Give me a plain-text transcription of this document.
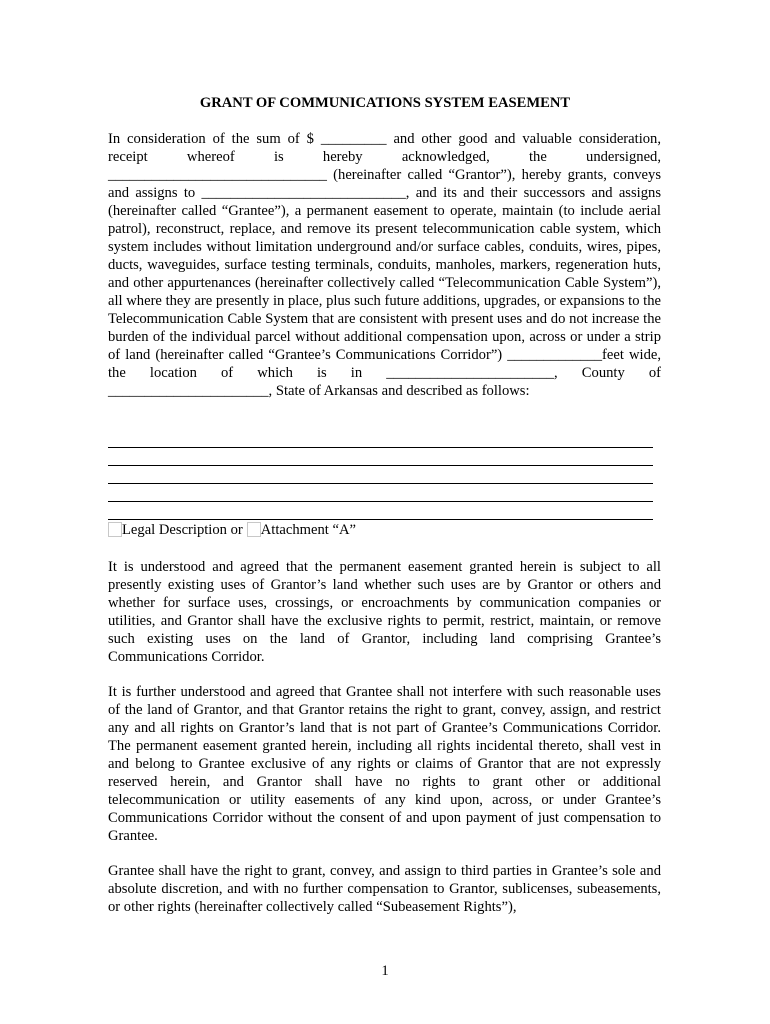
GRANT OF COMMUNICATIONS SYSTEM EASEMENT

In consideration of the sum of $ _________ and other good and valuable consideration, receipt whereof is hereby acknowledged, the undersigned, ______________________________ (hereinafter called “Grantor”), hereby grants, conveys and assigns to ____________________________, and its and their successors and assigns (hereinafter called “Grantee”), a permanent easement to operate, maintain (to include aerial patrol), reconstruct, replace, and remove its present telecommunication cable system, which system includes without limitation underground and/or surface cables, conduits, wires, pipes, ducts, waveguides, surface testing terminals, conduits, manholes, markers, regeneration huts, and other appurtenances (hereinafter collectively called “Telecommunication Cable System”), all where they are presently in place, plus such future additions, upgrades, or expansions to the Telecommunication Cable System that are consistent with present uses and do not increase the burden of the individual parcel without additional compensation upon, across or under a strip of land (hereinafter called “Grantee’s Communications Corridor”) _____________feet wide, the location of which is in _______________________, County of ______________________, State of Arkansas and described as follows:

Legal Description or Attachment “A”

It is understood and agreed that the permanent easement granted herein is subject to all presently existing uses of Grantor’s land whether such uses are by Grantor or others and whether for surface uses, crossings, or encroachments by communication companies or utilities, and Grantor shall have the exclusive rights to permit, restrict, maintain, or remove such existing uses on the land of Grantor, including land comprising Grantee’s Communications Corridor.

It is further understood and agreed that Grantee shall not interfere with such reasonable uses of the land of Grantor, and that Grantor retains the right to grant, convey, assign, and restrict any and all rights on Grantor’s land that is not part of Grantee’s Communications Corridor. The permanent easement granted herein, including all rights incidental thereto, shall vest in and belong to Grantee exclusive of any rights or claims of Grantor that are not expressly reserved herein, and Grantor shall have no rights to grant other or additional telecommunication or utility easements of any kind upon, across, or under Grantee’s Communications Corridor without the consent of and upon payment of just compensation to Grantee.

Grantee shall have the right to grant, convey, and assign to third parties in Grantee’s sole and absolute discretion, and with no further compensation to Grantor, sublicenses, subeasements, or other rights (hereinafter collectively called “Subeasement Rights”),

1
